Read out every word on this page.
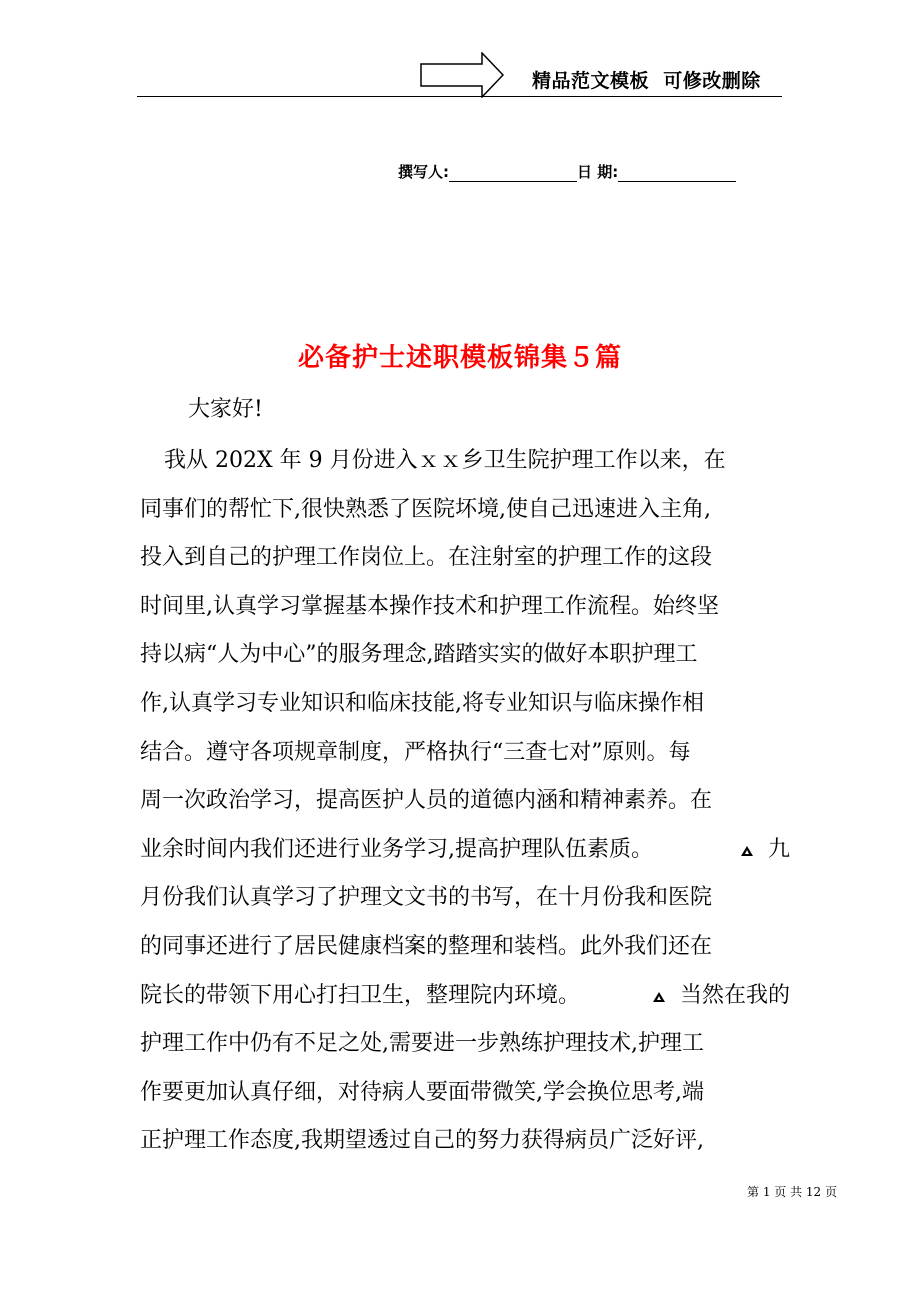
精品范文模板  可修改删除
撰写人:	日 期:
必备护士述职模板锦集５篇
大家好!
我从 202X 年 9 月份进入ｘｘ乡卫生院护理工作以来，在
同事们的帮忙下,很快熟悉了医院坏境,使自己迅速进入主角,
投入到自己的护理工作岗位上。在注射室的护理工作的这段
时间里,认真学习掌握基本操作技术和护理工作流程。始终坚
持以病“人为中心”的服务理念,踏踏实实的做好本职护理工
作,认真学习专业知识和临床技能,将专业知识与临床操作相
结合。遵守各项规章制度，严格执行“三查七对”原则。每
周一次政治学习，提高医护人员的道德内涵和精神素养。在
业余时间内我们还进行业务学习,提高护理队伍素质。	九
月份我们认真学习了护理文文书的书写，在十月份我和医院
的同事还进行了居民健康档案的整理和装档。此外我们还在
院长的带领下用心打扫卫生，整理院内环境。	当然在我的
护理工作中仍有不足之处,需要进一步熟练护理技术,护理工
作要更加认真仔细，对待病人要面带微笑,学会换位思考,端
正护理工作态度,我期望透过自己的努力获得病员广泛好评,
第 1 页 共 12 页
